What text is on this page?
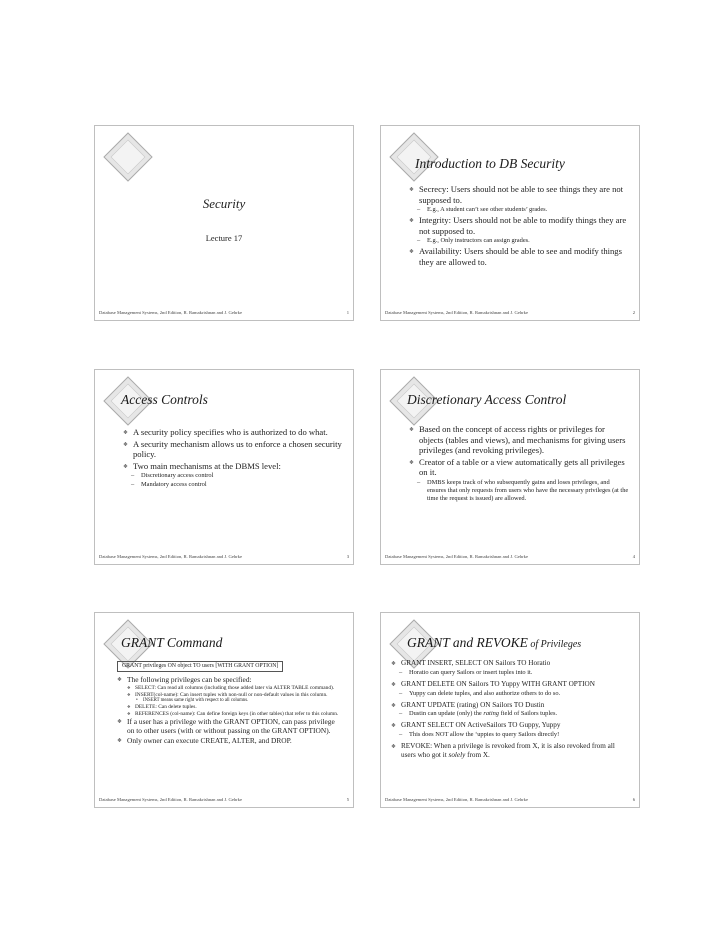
Security
Lecture 17
Database Management Systems, 2nd Edition, R. Ramakrishnan and J. Gehrke	1
Introduction to DB Security
❖ Secrecy: Users should not be able to see things they are not supposed to.
– E.g., A student can’t see other students’ grades.
❖ Integrity: Users should not be able to modify things they are not supposed to.
– E.g., Only instructors can assign grades.
❖ Availability: Users should be able to see and modify things they are allowed to.
Database Management Systems, 2nd Edition, R. Ramakrishnan and J. Gehrke	2
Access Controls
❖ A security policy specifies who is authorized to do what.
❖ A security mechanism allows us to enforce a chosen security policy.
❖ Two main mechanisms at the DBMS level:
– Discretionary access control
– Mandatory access control
Database Management Systems, 2nd Edition, R. Ramakrishnan and J. Gehrke	3
Discretionary Access Control
❖ Based on the concept of access rights or privileges for objects (tables and views), and mechanisms for giving users privileges (and revoking privileges).
❖ Creator of a table or a view automatically gets all privileges on it.
– DMBS keeps track of who subsequently gains and loses privileges, and ensures that only requests from users who have the necessary privileges (at the time the request is issued) are allowed.
Database Management Systems, 2nd Edition, R. Ramakrishnan and J. Gehrke	4
GRANT Command
GRANT privileges ON object TO users [WITH GRANT OPTION]
❖ The following privileges can be specified:
❖ SELECT: Can read all columns (including those added later via ALTER TABLE command).
❖ INSERT(col-name): Can insert tuples with non-null or non-default values in this column.
• INSERT means same right with respect to all columns.
❖ DELETE: Can delete tuples.
❖ REFERENCES (col-name): Can define foreign keys (in other tables) that refer to this column.
❖ If a user has a privilege with the GRANT OPTION, can pass privilege on to other users (with or without passing on the GRANT OPTION).
❖ Only owner can execute CREATE, ALTER, and DROP.
Database Management Systems, 2nd Edition, R. Ramakrishnan and J. Gehrke	5
GRANT and REVOKE of Privileges
❖ GRANT INSERT, SELECT ON Sailors TO Horatio
– Horatio can query Sailors or insert tuples into it.
❖ GRANT DELETE ON Sailors TO Yuppy WITH GRANT OPTION
– Yuppy can delete tuples, and also authorize others to do so.
❖ GRANT UPDATE (rating) ON Sailors TO Dustin
– Dustin can update (only) the rating field of Sailors tuples.
❖ GRANT SELECT ON ActiveSailors TO Guppy, Yuppy
– This does NOT allow the ‘uppies to query Sailors directly!
❖ REVOKE: When a privilege is revoked from X, it is also revoked from all users who got it solely from X.
Database Management Systems, 2nd Edition, R. Ramakrishnan and J. Gehrke	6
